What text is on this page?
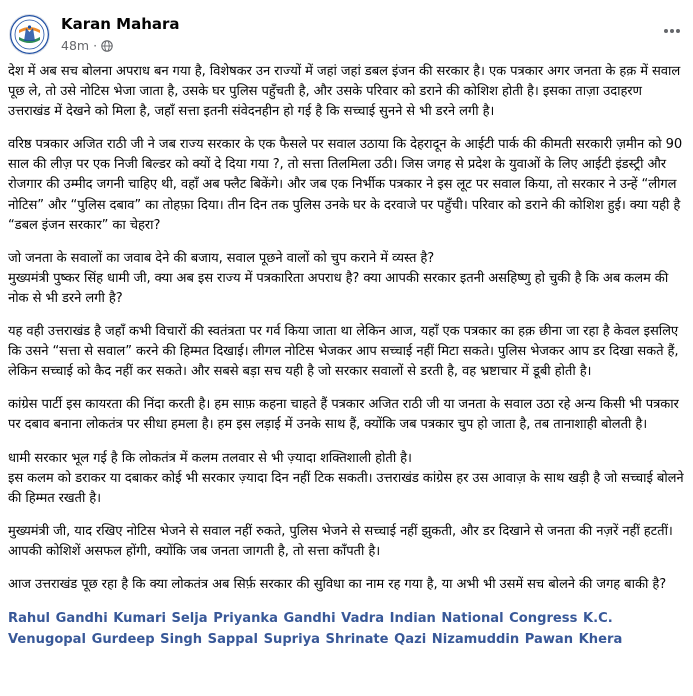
Karan Mahara
48m ·

देश में अब सच बोलना अपराध बन गया है, विशेषकर उन राज्यों में जहां जहां डबल इंजन की सरकार है। एक पत्रकार अगर जनता के हक़ में सवाल पूछ ले, तो उसे नोटिस भेजा जाता है, उसके घर पुलिस पहुँचती है, और उसके परिवार को डराने की कोशिश होती है। इसका ताज़ा उदाहरण उत्तराखंड में देखने को मिला है, जहाँ सत्ता इतनी संवेदनहीन हो गई है कि सच्चाई सुनने से भी डरने लगी है।

वरिष्ठ पत्रकार अजित राठी जी ने जब राज्य सरकार के एक फैसले पर सवाल उठाया कि देहरादून के आईटी पार्क की कीमती सरकारी ज़मीन को 90 साल की लीज़ पर एक निजी बिल्डर को क्यों दे दिया गया ?, तो सत्ता तिलमिला उठी। जिस जगह से प्रदेश के युवाओं के लिए आईटी इंडस्ट्री और रोजगार की उम्मीद जगनी चाहिए थी, वहाँ अब फ्लैट बिकेंगे। और जब एक निर्भीक पत्रकार ने इस लूट पर सवाल किया, तो सरकार ने उन्हें “लीगल नोटिस” और “पुलिस दबाव” का तोहफ़ा दिया। तीन दिन तक पुलिस उनके घर के दरवाजे पर पहुँची। परिवार को डराने की कोशिश हुई। क्या यही है “डबल इंजन सरकार” का चेहरा?

जो जनता के सवालों का जवाब देने की बजाय, सवाल पूछने वालों को चुप कराने में व्यस्त है?
मुख्यमंत्री पुष्कर सिंह धामी जी, क्या अब इस राज्य में पत्रकारिता अपराध है? क्या आपकी सरकार इतनी असहिष्णु हो चुकी है कि अब कलम की नोक से भी डरने लगी है?

यह वही उत्तराखंड है जहाँ कभी विचारों की स्वतंत्रता पर गर्व किया जाता था लेकिन आज, यहाँ एक पत्रकार का हक़ छीना जा रहा है केवल इसलिए कि उसने “सत्ता से सवाल” करने की हिम्मत दिखाई। लीगल नोटिस भेजकर आप सच्चाई नहीं मिटा सकते। पुलिस भेजकर आप डर दिखा सकते हैं, लेकिन सच्चाई को कैद नहीं कर सकते। और सबसे बड़ा सच यही है जो सरकार सवालों से डरती है, वह भ्रष्टाचार में डूबी होती है।

कांग्रेस पार्टी इस कायरता की निंदा करती है। हम साफ़ कहना चाहते हैं पत्रकार अजित राठी जी या जनता के सवाल उठा रहे अन्य किसी भी पत्रकार पर दबाव बनाना लोकतंत्र पर सीधा हमला है। हम इस लड़ाई में उनके साथ हैं, क्योंकि जब पत्रकार चुप हो जाता है, तब तानाशाही बोलती है।

धामी सरकार भूल गई है कि लोकतंत्र में कलम तलवार से भी ज़्यादा शक्तिशाली होती है।
इस कलम को डराकर या दबाकर कोई भी सरकार ज़्यादा दिन नहीं टिक सकती। उत्तराखंड कांग्रेस हर उस आवाज़ के साथ खड़ी है जो सच्चाई बोलने की हिम्मत रखती है।

मुख्यमंत्री जी, याद रखिए नोटिस भेजने से सवाल नहीं रुकते, पुलिस भेजने से सच्चाई नहीं झुकती, और डर दिखाने से जनता की नज़रें नहीं हटतीं। आपकी कोशिशें असफल होंगी, क्योंकि जब जनता जागती है, तो सत्ता काँपती है।

आज उत्तराखंड पूछ रहा है कि क्या लोकतंत्र अब सिर्फ़ सरकार की सुविधा का नाम रह गया है, या अभी भी उसमें सच बोलने की जगह बाकी है?

Rahul Gandhi Kumari Selja Priyanka Gandhi Vadra Indian National Congress K.C. Venugopal Gurdeep Singh Sappal Supriya Shrinate Qazi Nizamuddin Pawan Khera
